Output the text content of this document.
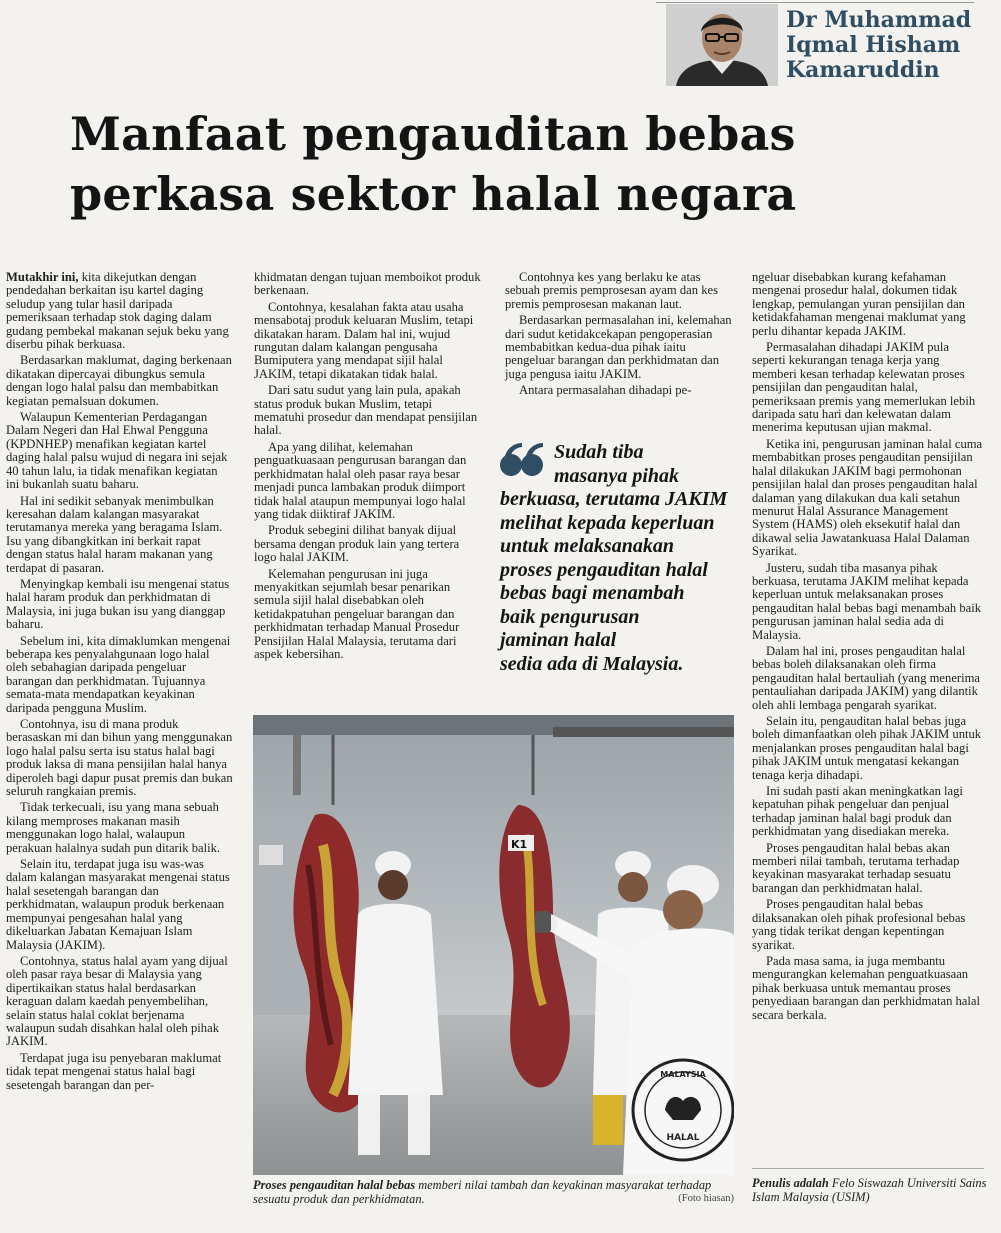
Dr Muhammad
Iqmal Hisham
Kamaruddin
Manfaat pengauditan bebas
perkasa sektor halal negara

Mutakhir ini, kita dikejutkan dengan pendedahan berkaitan isu kartel daging seludup yang tular hasil daripada pemeriksaan terhadap stok daging dalam gudang pembekal makanan sejuk beku yang diserbu pihak berkuasa.

Berdasarkan maklumat, daging berkenaan dikatakan dipercayai dibungkus semula dengan logo halal palsu dan membabitkan kegiatan pemalsuan dokumen.

Walaupun Kementerian Perdagangan Dalam Negeri dan Hal Ehwal Pengguna (KPDNHEP) menafikan kegiatan kartel daging halal palsu wujud di negara ini sejak 40 tahun lalu, ia tidak menafikan kegiatan ini bukanlah suatu baharu.

Hal ini sedikit sebanyak menimbulkan keresahan dalam kalangan masyarakat terutamanya mereka yang beragama Islam. Isu yang dibangkitkan ini berkait rapat dengan status halal haram makanan yang terdapat di pasaran.

Menyingkap kembali isu mengenai status halal haram produk dan perkhidmatan di Malaysia, ini juga bukan isu yang dianggap baharu.

Sebelum ini, kita dimaklumkan mengenai beberapa kes penyalahgunaan logo halal oleh sebahagian daripada pengeluar barangan dan perkhidmatan. Tujuannya semata-mata mendapatkan keyakinan daripada pengguna Muslim.

Contohnya, isu di mana produk berasaskan mi dan bihun yang menggunakan logo halal palsu serta isu status halal bagi produk laksa di mana pensijilan halal hanya diperoleh bagi dapur pusat premis dan bukan seluruh rangkaian premis.

Tidak terkecuali, isu yang mana sebuah kilang memproses makanan masih menggunakan logo halal, walaupun perakuan halalnya sudah pun ditarik balik.

Selain itu, terdapat juga isu was-was dalam kalangan masyarakat mengenai status halal sesetengah barangan dan perkhidmatan, walaupun produk berkenaan mempunyai pengesahan halal yang dikeluarkan Jabatan Kemajuan Islam Malaysia (JAKIM).

Contohnya, status halal ayam yang dijual oleh pasar raya besar di Malaysia yang dipertikaikan status halal berdasarkan keraguan dalam kaedah penyembelihan, selain status halal coklat berjenama walaupun sudah disahkan halal oleh pihak JAKIM.

Terdapat juga isu penyebaran maklumat tidak tepat mengenai status halal bagi sesetengah barangan dan per-

khidmatan dengan tujuan memboikot produk berkenaan.

Contohnya, kesalahan fakta atau usaha mensabotaj produk keluaran Muslim, tetapi dikatakan haram. Dalam hal ini, wujud rungutan dalam kalangan pengusaha Bumiputera yang mendapat sijil halal JAKIM, tetapi dikatakan tidak halal.

Dari satu sudut yang lain pula, apakah status produk bukan Muslim, tetapi mematuhi prosedur dan mendapat pensijilan halal.

Apa yang dilihat, kelemahan penguatkuasaan pengurusan barangan dan perkhidmatan halal oleh pasar raya besar menjadi punca lambakan produk diimport tidak halal ataupun mempunyai logo halal yang tidak diiktiraf JAKIM.

Produk sebegini dilihat banyak dijual bersama dengan produk lain yang tertera logo halal JAKIM.

Kelemahan pengurusan ini juga menyakitkan sejumlah besar penarikan semula sijil halal disebabkan oleh ketidakpatuhan pengeluar barangan dan perkhidmatan terhadap Manual Prosedur Pensijilan Halal Malaysia, terutama dari aspek kebersihan.

Contohnya kes yang berlaku ke atas sebuah premis pemprosesan ayam dan kes premis pemprosesan makanan laut.

Berdasarkan permasalahan ini, kelemahan dari sudut ketidakcekapan pengoperasian membabitkan kedua-dua pihak iaitu pengeluar barangan dan perkhidmatan dan juga pengusa iaitu JAKIM.

Antara permasalahan dihadapi pe-

Sudah tiba
masanya pihak
berkuasa, terutama JAKIM
melihat kepada keperluan
untuk melaksanakan
proses pengauditan halal
bebas bagi menambah
baik pengurusan
jaminan halal
sedia ada di Malaysia.

ngeluar disebabkan kurang kefahaman mengenai prosedur halal, dokumen tidak lengkap, pemulangan yuran pensijilan dan ketidakfahaman mengenai maklumat yang perlu dihantar kepada JAKIM.

Permasalahan dihadapi JAKIM pula seperti kekurangan tenaga kerja yang memberi kesan terhadap kelewatan proses pensijilan dan pengauditan halal, pemeriksaan premis yang memerlukan lebih daripada satu hari dan kelewatan dalam menerima keputusan ujian makmal.

Ketika ini, pengurusan jaminan halal cuma membabitkan proses pengauditan pensijilan halal dilakukan JAKIM bagi permohonan pensijilan halal dan proses pengauditan halal dalaman yang dilakukan dua kali setahun menurut Halal Assurance Management System (HAMS) oleh eksekutif halal dan dikawal selia Jawatankuasa Halal Dalaman Syarikat.

Justeru, sudah tiba masanya pihak berkuasa, terutama JAKIM melihat kepada keperluan untuk melaksanakan proses pengauditan halal bebas bagi menambah baik pengurusan jaminan halal sedia ada di Malaysia.

Dalam hal ini, proses pengauditan halal bebas boleh dilaksanakan oleh firma pengauditan halal bertauliah (yang menerima pentauliahan daripada JAKIM) yang dilantik oleh ahli lembaga pengarah syarikat.

Selain itu, pengauditan halal bebas juga boleh dimanfaatkan oleh pihak JAKIM untuk menjalankan proses pengauditan halal bagi pihak JAKIM untuk mengatasi kekangan tenaga kerja dihadapi.

Ini sudah pasti akan meningkatkan lagi kepatuhan pihak pengeluar dan penjual terhadap jaminan halal bagi produk dan perkhidmatan yang disediakan mereka.

Proses pengauditan halal bebas akan memberi nilai tambah, terutama terhadap keyakinan masyarakat terhadap sesuatu barangan dan perkhidmatan halal.

Proses pengauditan halal bebas dilaksanakan oleh pihak profesional bebas yang tidak terikat dengan kepentingan syarikat.

Pada masa sama, ia juga membantu mengurangkan kelemahan penguatkuasaan pihak berkuasa untuk memantau proses penyediaan barangan dan perkhidmatan halal secara berkala.

K1
MALAYSIA
HALAL
Proses pengauditan halal bebas memberi nilai tambah dan keyakinan masyarakat terhadap sesuatu produk dan perkhidmatan.	(Foto hiasan)
Penulis adalah Felo Siswazah Universiti Sains Islam Malaysia (USIM)
